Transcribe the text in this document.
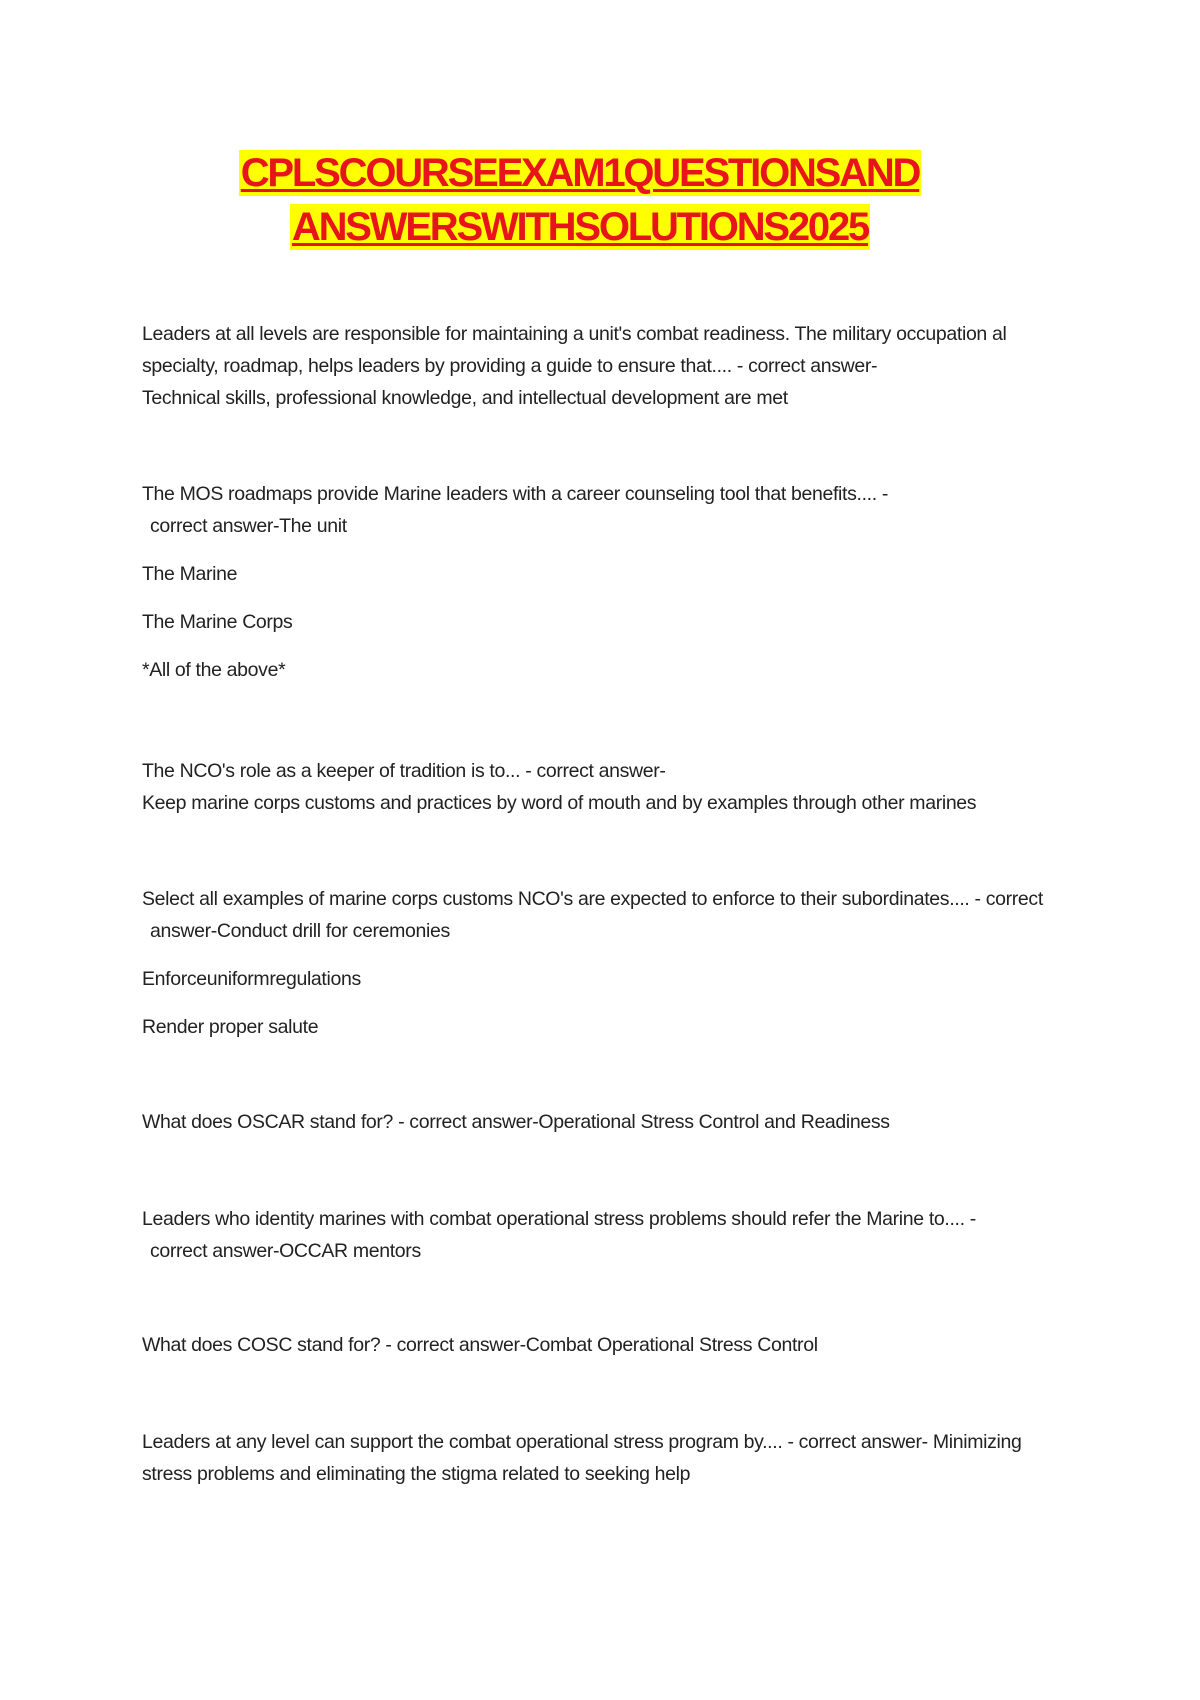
CPLSCOURSEEXAM1QUESTIONSAND
ANSWERSWITHSOLUTIONS2025
Leaders at all levels are responsible for maintaining a unit's combat readiness. The military occupation al
specialty, roadmap, helps leaders by providing a guide to ensure that.... - correct answer-
Technical skills, professional knowledge, and intellectual development are met
The MOS roadmaps provide Marine leaders with a career counseling tool that benefits.... -
correct answer-The unit
The Marine
The Marine Corps
*All of the above*
The NCO's role as a keeper of tradition is to... - correct answer-
Keep marine corps customs and practices by word of mouth and by examples through other marines
Select all examples of marine corps customs NCO's are expected to enforce to their subordinates.... - correct
answer-Conduct drill for ceremonies
Enforceuniformregulations
Render proper salute
What does OSCAR stand for? - correct answer-Operational Stress Control and Readiness
Leaders who identity marines with combat operational stress problems should refer the Marine to.... -
correct answer-OCCAR mentors
What does COSC stand for? - correct answer-Combat Operational Stress Control
Leaders at any level can support the combat operational stress program by.... - correct answer- Minimizing
stress problems and eliminating the stigma related to seeking help
